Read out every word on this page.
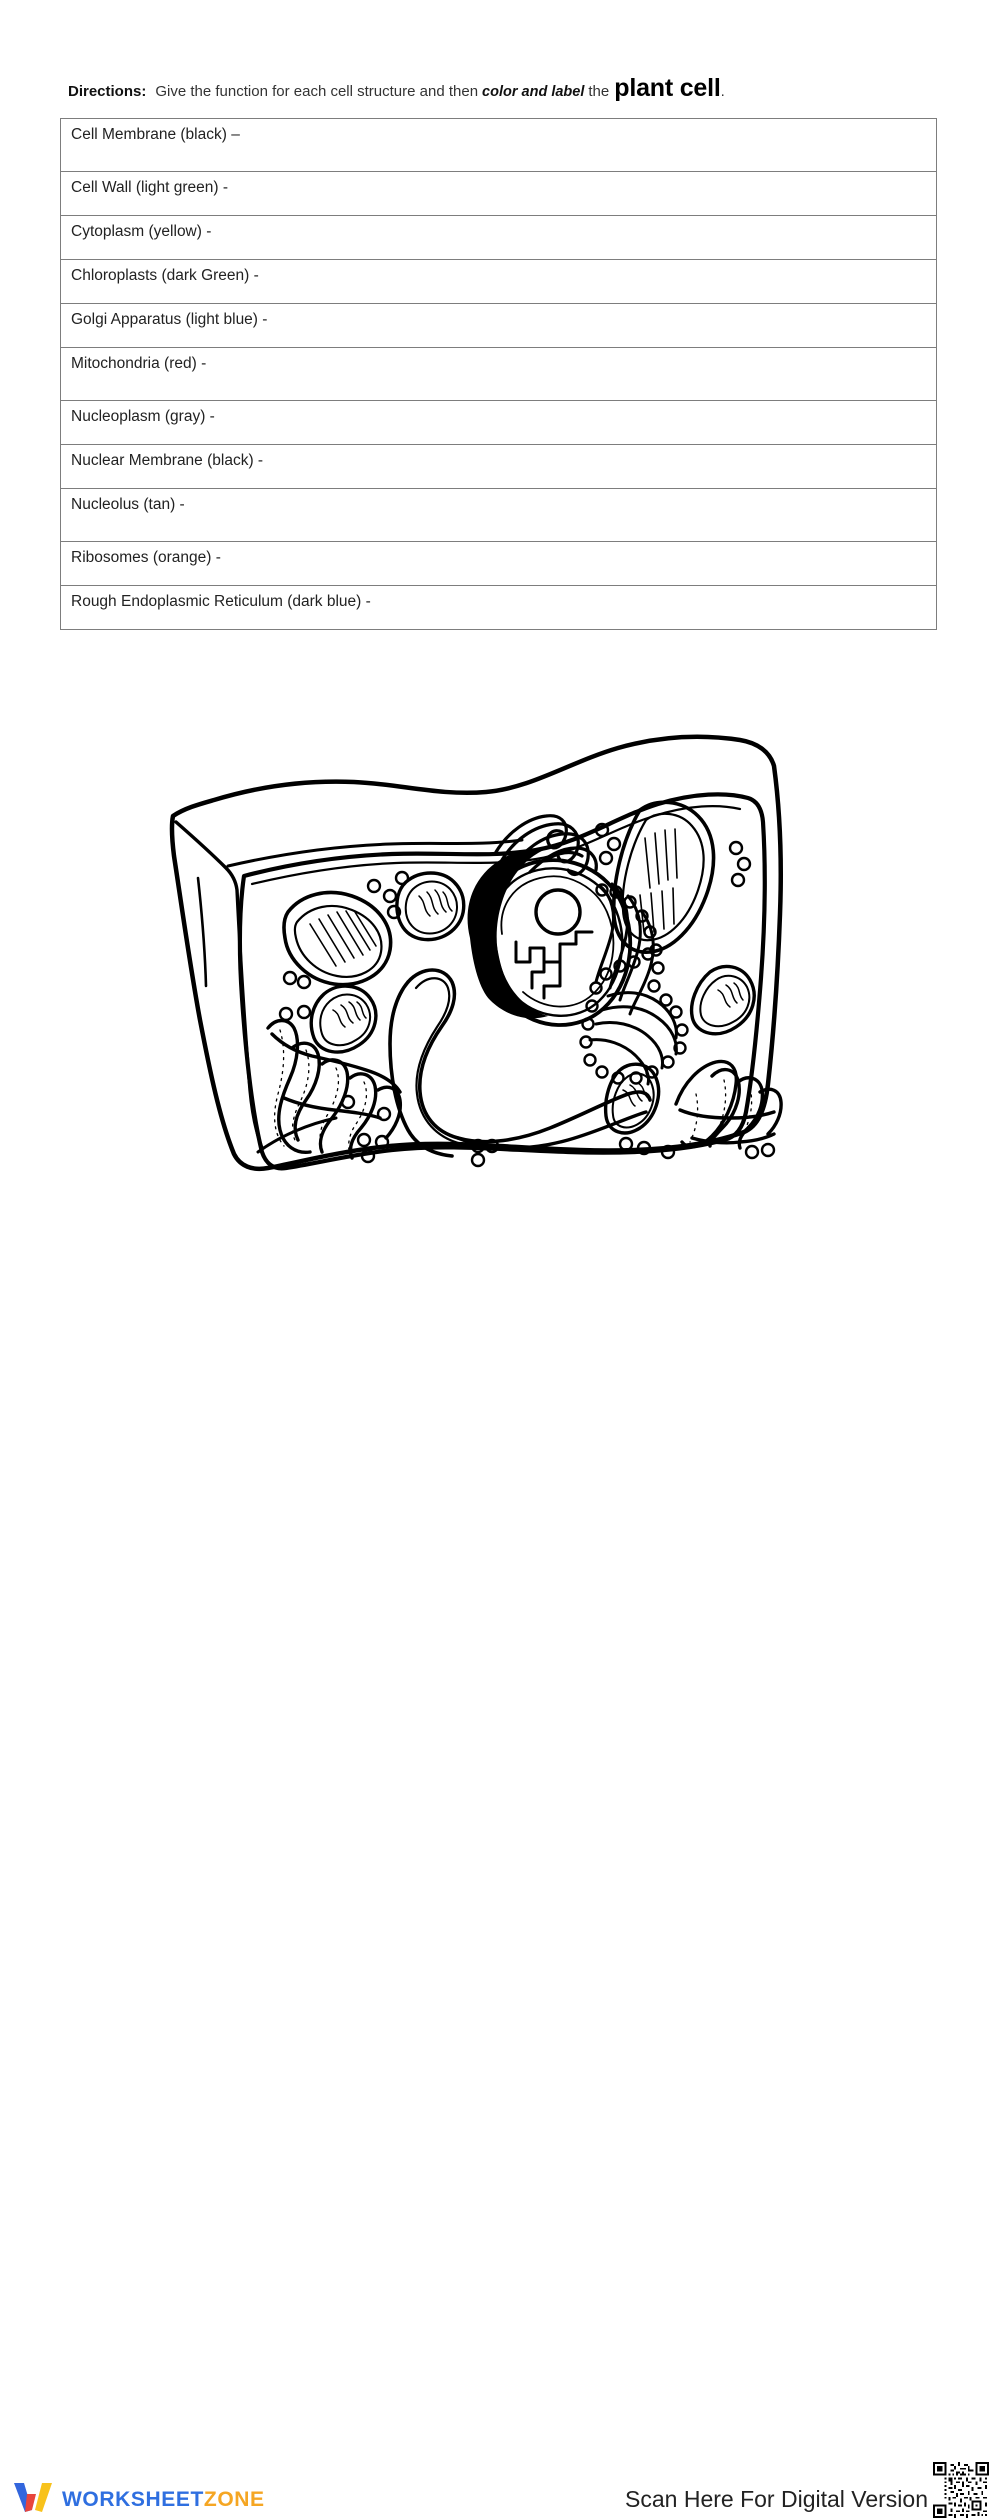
Directions: Give the function for each cell structure and then color and label the plant cell .
Cell Membrane (black) –
Cell Wall (light green) -
Cytoplasm (yellow) -
Chloroplasts (dark Green) -
Golgi Apparatus (light blue) -
Mitochondria (red) -
Nucleoplasm (gray) -
Nuclear Membrane (black) -
Nucleolus (tan) -
Ribosomes (orange) -
Rough Endoplasmic Reticulum (dark blue) -
WORKSHEETZONE	Scan Here For Digital Version
